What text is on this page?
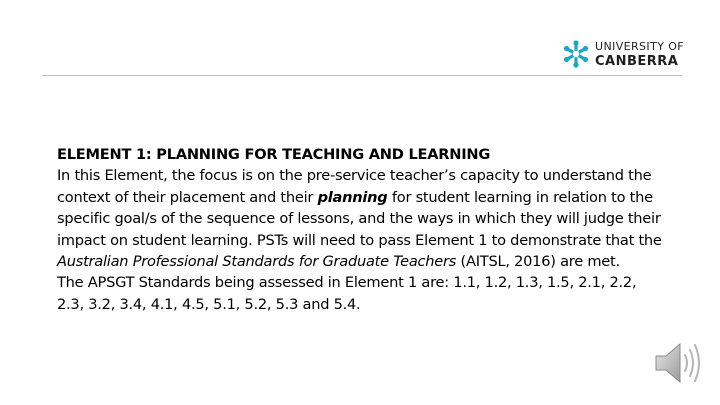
UNIVERSITY OF
CANBERRA

ELEMENT 1: PLANNING FOR TEACHING AND LEARNING

In this Element, the focus is on the pre-service teacher’s capacity to understand the context of their placement and their planning for student learning in relation to the specific goal/s of the sequence of lessons, and the ways in which they will judge their impact on student learning. PSTs will need to pass Element 1 to demonstrate that the Australian Professional Standards for Graduate Teachers (AITSL, 2016) are met.

The APSGT Standards being assessed in Element 1 are: 1.1, 1.2, 1.3, 1.5, 2.1, 2.2, 2.3, 3.2, 3.4, 4.1, 4.5, 5.1, 5.2, 5.3 and 5.4.
